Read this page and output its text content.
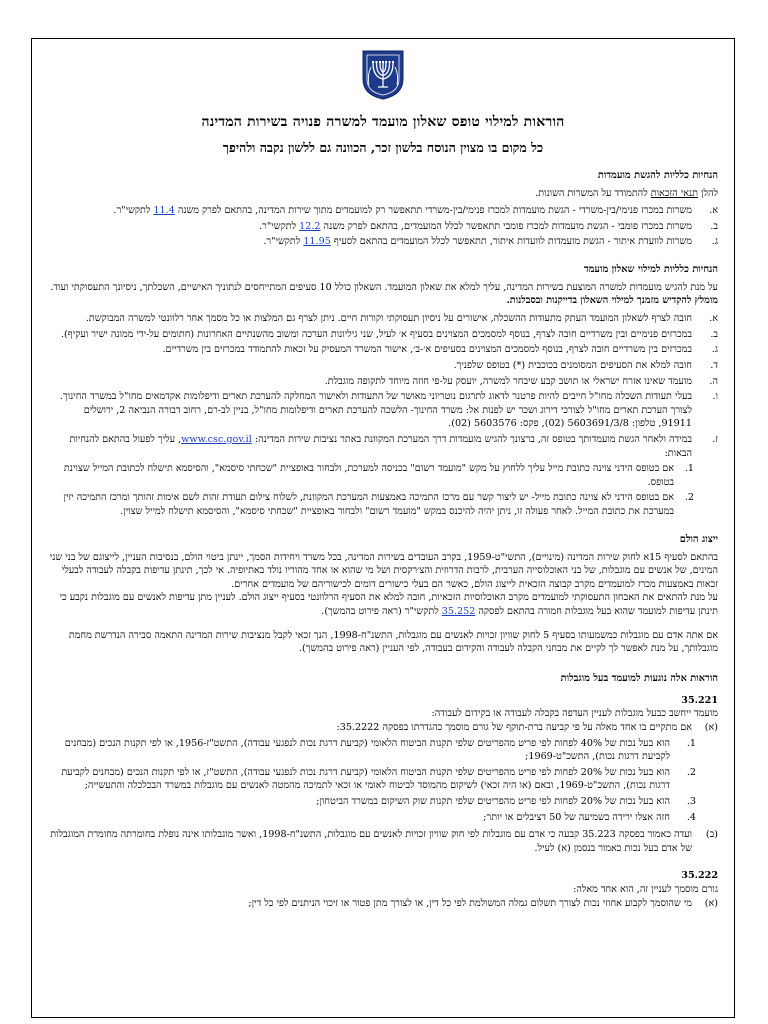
הוראות למילוי טופס שאלון מועמד למשרה פנויה בשירות המדינה
כל מקום בו מצוין הנוסח בלשון זכר, הכוונה גם ללשון נקבה ולהיפך
הנחיות כלליות להגשת מועמדות

להלן תנאי הזכאות להתמודד על המשרות השונות.

א.
משרות במכרז פנימי/בין-משרדי - הגשת מועמדות למכרז פנימי/בין-משרדי תתאפשר רק למועמדים מתוך שירות המדינה, בהתאם לפרק משנה 11.4 לתקשי"ר.
ב.
משרות במכרז פומבי - הגשת מועמדות למכרז פומבי תתאפשר לכלל המועמדים, בהתאם לפרק משנה 12.2 לתקשי"ר.
ג.
משרות לוועדת איתור - הגשת מועמדות לוועדות איתור, תתאפשר לכלל המועמדים בהתאם לסעיף 11.95 לתקשי"ר.
הנחיות כלליות למילוי שאלון מועמד

על מנת להגיש מועמדות למשרה המוצעת בשירות המדינה, עליך למלא את שאלון המועמד. השאלון כולל 10 סעיפים המתייחסים לנתוניך האישיים, השכלתך, ניסיונך התעסוקתי ועוד.

מומלץ להקדיש מזמנך למילוי השאלון בדייקנות ובסבלנות.

א.
חובה לצרף לשאלון המועמד העתק מתעודות ההשכלה, אישורים על ניסיון תעסוקתי וקורות חיים. ניתן לצרף גם המלצות או כל מסמך אחר רלוונטי למשרה המבוקשת.
ב.
במכרזים פנימיים ובין משרדיים חובה לצרף, בנוסף למסמכים המצוינים בסעיף א׳ לעיל, שני גיליונות הערכה ומשוב מהשנתיים האחרונות (חתומים על-ידי ממונה ישיר ועקיף).
ג.
במכרזים בין משרדיים חובה לצרף, בנוסף למסמכים המצוינים בסעיפים א׳-ב׳, אישור המשרד המעסיק על זכאות להתמודד במכרזים בין משרדיים.
ד.
חובה למלא את הסעיפים המסומנים בכוכבית (*) בטופס שלפניך.
ה.
מועמד שאינו אזרח ישראלי או תושב קבע שיבחר למשרה, יועסק על-פי חוזה מיוחד לתקופה מוגבלת.
ו.
בעלי תעודות השכלה מחו"ל חייבים להיות פרטנר לדאוג לתרגום נוטריוני מאושר של התעודות ולאישור המחלקה להערכת תארים ודיפלומות אקדמאים מחו"ל במשרד החינוך. לצורך הערכת תארים מחו"ל לצורכי דירוג ושכר יש לפנות אל: משרד החינוך- הלשכה להערכת תארים ודיפלומות מחו"ל, בניין לב-רם, רחוב דבורה הנביאה 2, ירושלים 91911, טלפון: 5603691/3/8 (02), פקס: 5603576 (02).
ז.
במידה ולאחר הגשת מועמדותך בטופס זה, ברצונך להגיש מועמדות דרך המערכת המקוונת באתר נציבות שירות המדינה: www.csc.gov.il, עליך לפעול בהתאם להנחיות הבאות:
1.
אם בטופס הידני צוינה כתובת מייל עליך ללחוץ על מקש "מועמד רשום" בכניסה למערכת, ולבחור באופציית "שכחתי סיסמא", והסיסמא תישלח לכתובת המייל שצוינת בטופס.
2.
אם בטופס הידני לא צוינה כתובת מייל- יש ליצור קשר עם מרכז התמיכה באמצעות המערכת המקוונת, לשלוח צילום תעודת זהות לשם אימות זהותך ומרכז התמיכה יזין במערכת את כתובת המייל. לאחר פעולה זו, ניתן יהיה להיכנס במקש "מועמד רשום" ולבחור באופציית "שכחתי סיסמא", והסיסמא תישלח למייל שצוין.
ייצוג הולם

בהתאם לסעיף 15א לחוק שירות המדינה (מינויים), התשי"ט-1959, בקרב העובדים בשירות המדינה, בכל משרד ויחידות הסמך, יינתן ביטוי הולם, בנסיבות העניין, לייצוגם של בני שני המינים, של אנשים עם מוגבלות, של בני האוכלוסייה הערבית, לרבות הדרוזית והצ׳רקסית ושל מי שהוא או אחד מהוריו נולד באתיופיה. אי לכך, תינתן עדיפות בקבלה לעבודה לבעלי זכאות באמצעות מכרז למועמדים מקרב קבוצה הזכאית לייצוג הולם, כאשר הם בעלי כישורים דומים לכישוריהם של מועמדים אחרים.

על מנת להתאים את האבחון התעסוקתי למועמדים מקרב האוכלוסיות הזכאיות, חובה למלא את הסעיף הרלוונטי בסעיף ייצוג הולם. לעניין מתן עדיפות לאנשים עם מוגבלות נקבע כי תינתן עדיפות למועמד שהוא בעל מוגבלות חמורה בהתאם לפסקה 35.252 לתקשי"ר (ראה פירוט בהמשך).

אם אתה אדם עם מוגבלות כמשמעותו בסעיף 5 לחוק שוויון זכויות לאנשים עם מוגבלות, התשנ"ח-1998, הנך זכאי לקבל מנציבות שירות המדינה התאמה סבירה הנדרשת מחמת מוגבלותך, על מנת לאפשר לך לקיים את מבחני הקבלה לעבודה והקידום בעבודה, לפי העניין (ראה פירוט בהמשך).

הוראות אלה נוגעות למועמד בעל מוגבלות

35.221

מועמד ייחשב כבעל מוגבלות לעניין העדפה בקבלה לעבודה או בקידום לעבודה:

(א)
אם מתקיים בו אחד מאלה על פי קביעה ברת-תוקף של גורם מוסמך כהגדרתו בפסקה 35.2222:
1.
הוא בעל נכות של 40% לפחות לפי פריט מהפריטים שלפי תקנות הביטוח הלאומי (קביעת דרגת נכות לנפגעי עבודה), התשט"ז-1956, או לפי תקנות הנכים (מבחנים לקביעת דרגות נכות), התשכ"ט-1969;
2.
הוא בעל נכות של 20% לפחות לפי פריט מהפריטים שלפי תקנות הביטוח הלאומי (קביעת דרגת נכות לנפגעי עבודה), התשט"ז, או לפי תקנות הנכים (מבחנים לקביעת דרגות נכות), התשכ"ט-1969, ובאם (או היה זכאי) לשיקום מהמוסד לביטוח לאומי או זכאי לתמיכה מהמטה לאנשים עם מוגבלות במשרד הבכלכלה והתעשייה;
3.
הוא בעל נכות של 20% לפחות לפי פריט מהפריטים שלפי תקנות שוק השיקום במשרד הביטחון;
4.
חזה אצלו ירידה בשמיעה של 50 דציבלים או יותר;
(ב)
ועדה כאמור בפסקה 35.223 קבעה כי אדם עם מוגבלות לפי חוק שוויון זכויות לאנשים עם מוגבלות, התשנ"ח-1998, ואשר מוגבלותו אינה נופלת בחומרתה מחומרת המוגבלות של אדם בעל נכות כאמור בנסמן (א) לעיל.

35.222

גורם מוסמך לעניין זה, הוא אחד מאלה:

(א)
מי שהוסמך לקבוע אחוזי נכות לצורך תשלום גמלה המשולמת לפי כל דין, או לצורך מתן פטור או זיכוי הניתנים לפי כל דין;
